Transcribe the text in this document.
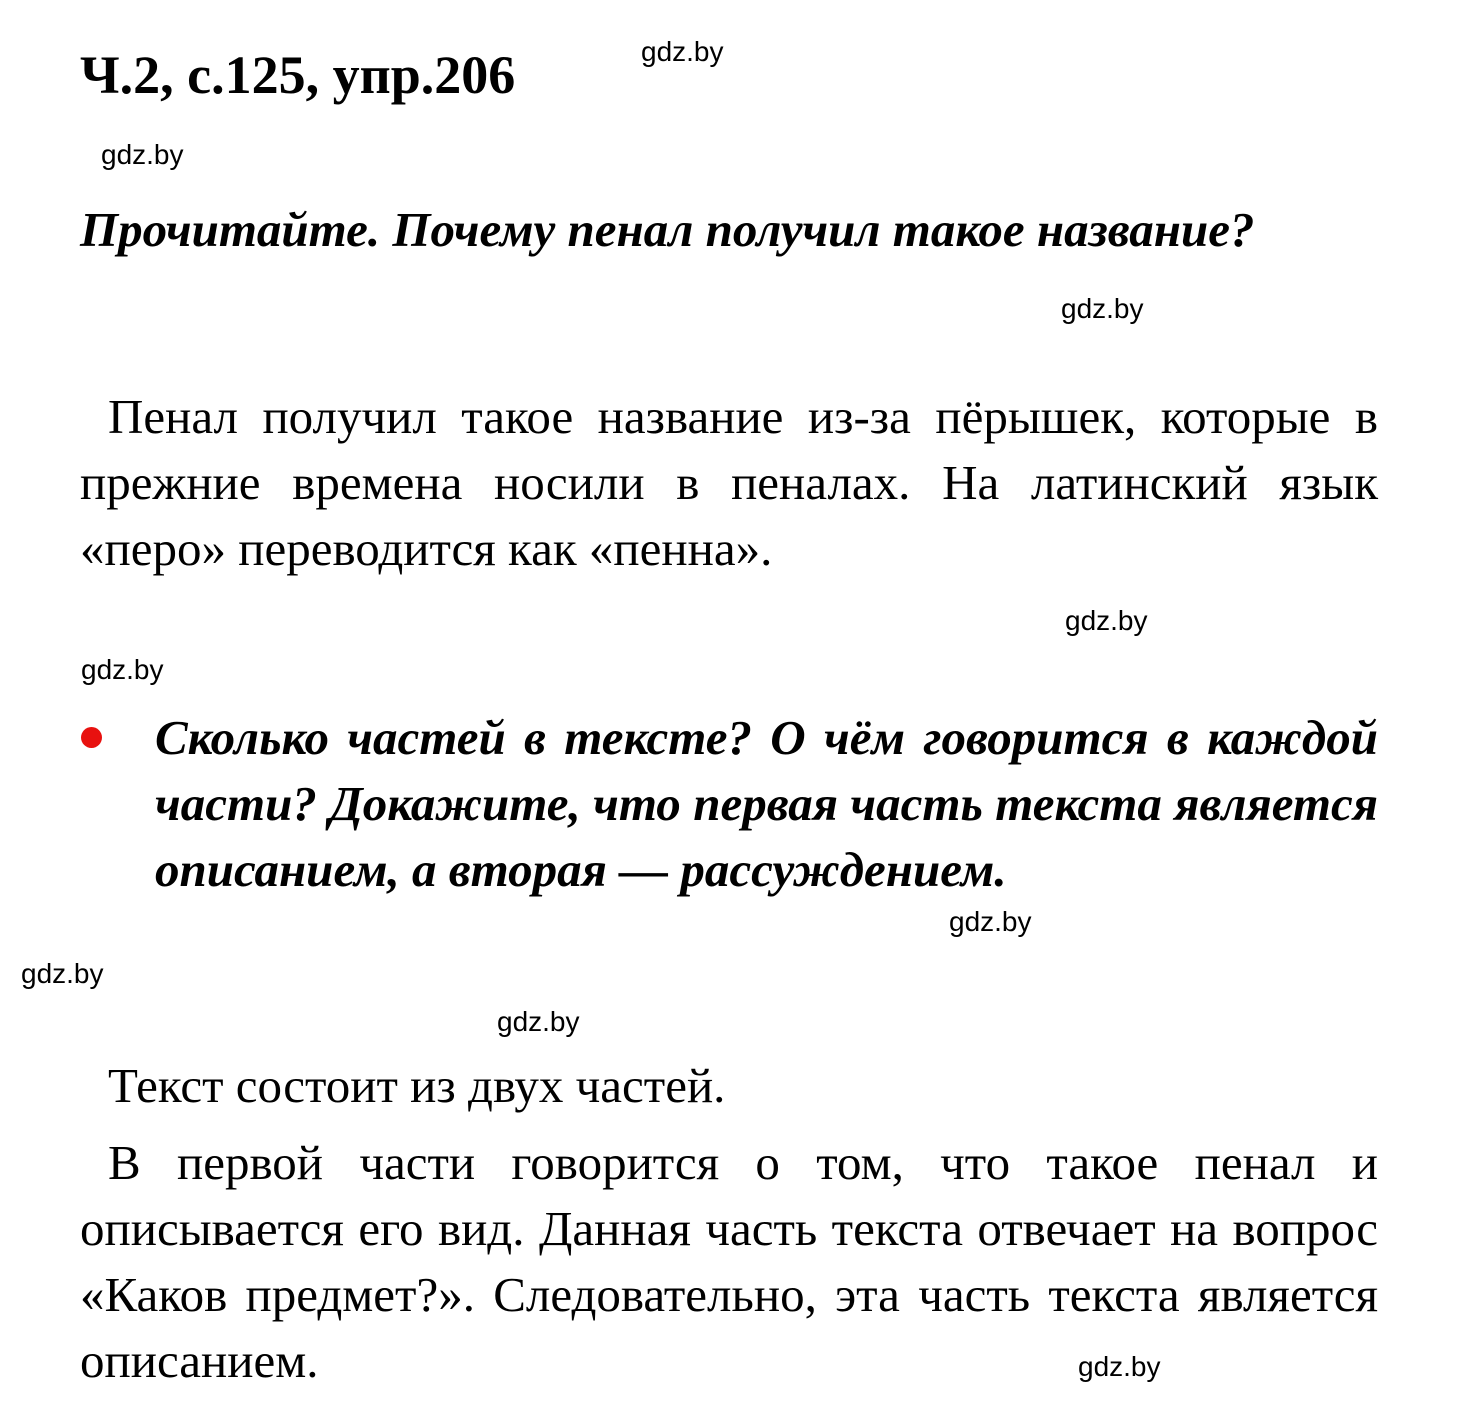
Ч.2, с.125, упр.206
Прочитайте. Почему пенал получил такое название?
Пенал получил такое название из-за пёрышек, которые в прежние времена носили в пеналах. На латинский язык «перо» переводится как «пенна».
Сколько частей в тексте? О чём говорится в каждой части? Докажите, что первая часть текста является описанием, а вторая — рассуждением.
Текст состоит из двух частей.
В первой части говорится о том, что такое пенал и описывается его вид. Данная часть текста отвечает на вопрос «Каков предмет?». Следовательно, эта часть текста является описанием.
gdz.by
gdz.by
gdz.by
gdz.by
gdz.by
gdz.by
gdz.by
gdz.by
gdz.by
